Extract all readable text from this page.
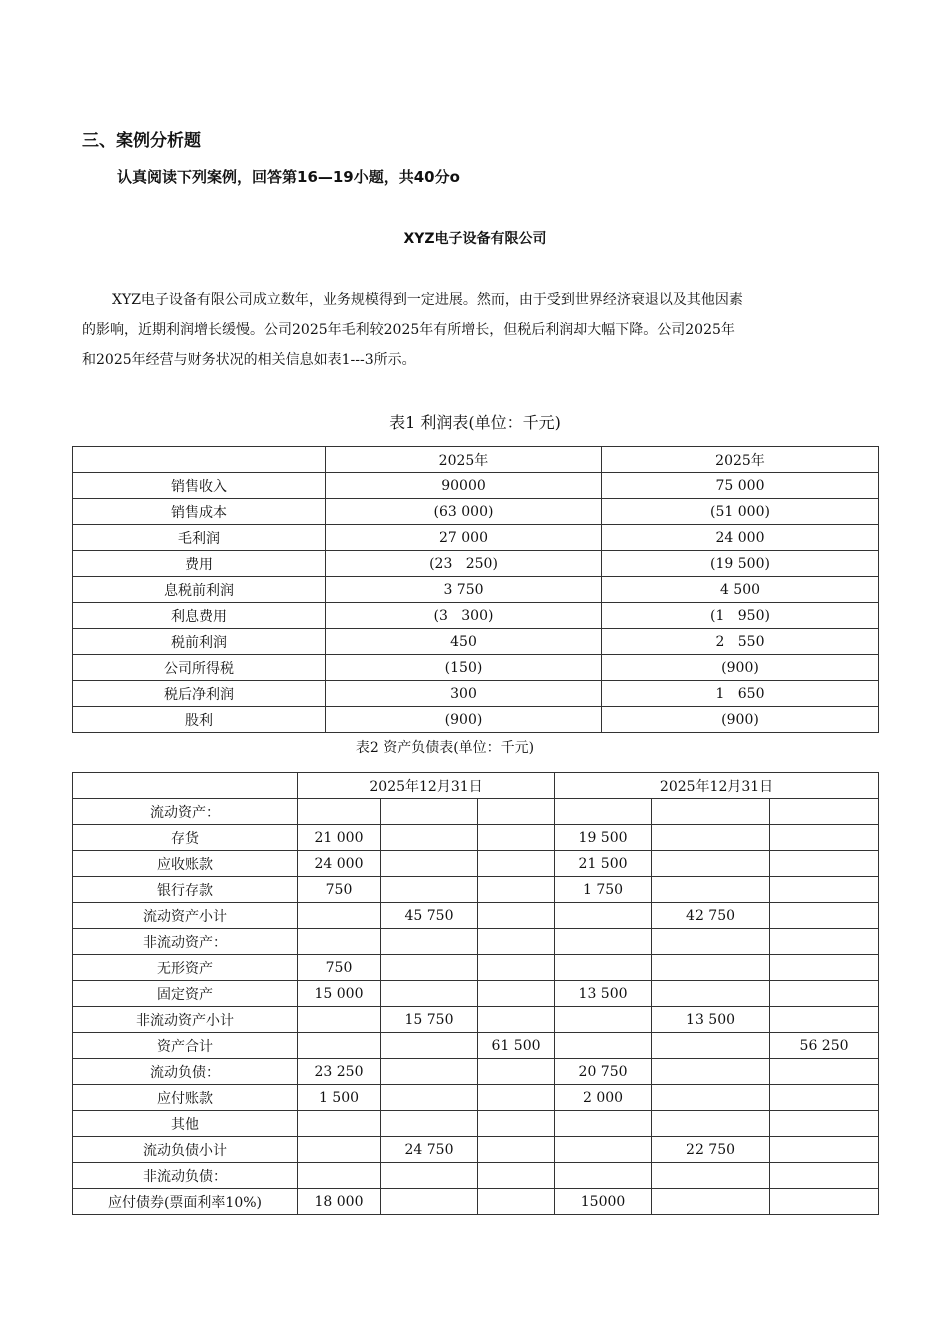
三、案例分析题
认真阅读下列案例，回答第16—19小题，共40分o
XYZ电子设备有限公司
XYZ电子设备有限公司成立数年，业务规模得到一定进展。然而，由于受到世界经济衰退以及其他因素
的影响，近期利润增长缓慢。公司2025年毛利较2025年有所增长，但税后利润却大幅下降。公司2025年
和2025年经营与财务状况的相关信息如表1---3所示。
表1 利润表(单位：千元)
	2025年	2025年
销售收入	90000	75 000
销售成本	(63 000)	(51 000)
毛利润	27 000	24 000
费用	(23   250)	(19 500)
息税前利润	3 750	4 500
利息费用	(3   300)	(1   950)
税前利润	450	2   550
公司所得税	(150)	(900)
税后净利润	300	1   650
股利	(900)	(900)
表2 资产负债表(单位：千元)
	2025年12月31日			2025年12月31日		
流动资产：						
存货	21 000			19 500		
应收账款	24 000			21 500		
银行存款	750			1 750		
流动资产小计		45 750			42 750	
非流动资产：						
无形资产	750					
固定资产	15 000			13 500		
非流动资产小计		15 750			13 500	
资产合计			61 500			56 250
流动负债：	23 250			20 750		
应付账款	1 500			2 000		
其他						
流动负债小计		24 750			22 750	
非流动负债：						
应付债券(票面利率10%)	18 000			15000		
